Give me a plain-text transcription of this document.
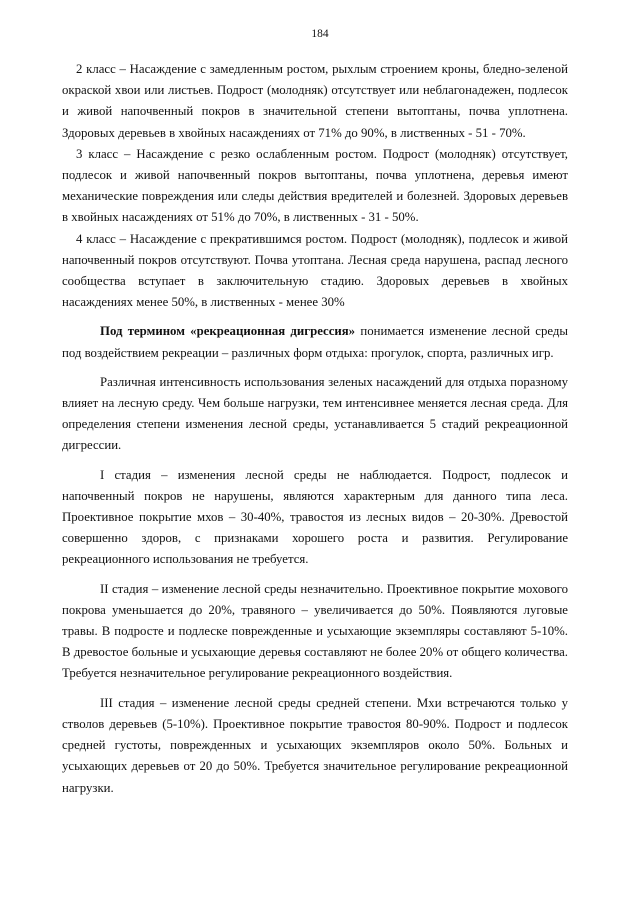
184

2 класс – Насаждение с замедленным ростом, рыхлым строением кроны, бледно-зеленой окраской хвои или листьев. Подрост (молодняк) отсутствует или неблагонадежен, подлесок и живой напочвенный покров в значительной степени вытоптаны, почва уплотнена. Здоровых деревьев в хвойных насаждениях от 71% до 90%, в лиственных - 51 - 70%.

3 класс – Насаждение с резко ослабленным ростом. Подрост (молодняк) отсутствует, подлесок и живой напочвенный покров вытоптаны, почва уплотнена, деревья имеют механические повреждения или следы действия вредителей и болезней. Здоровых деревьев в хвойных насаждениях от 51% до 70%, в лиственных - 31 - 50%.

4 класс – Насаждение с прекратившимся ростом. Подрост (молодняк), подлесок и живой напочвенный покров отсутствуют. Почва утоптана. Лесная среда нарушена, распад лесного сообщества вступает в заключительную стадию. Здоровых деревьев в хвойных насаждениях менее 50%, в лиственных - менее 30%

Под термином «рекреационная дигрессия» понимается изменение лесной среды под воздействием рекреации – различных форм отдыха: прогулок, спорта, различных игр.

Различная интенсивность использования зеленых насаждений для отдыха поразному влияет на лесную среду. Чем больше нагрузки, тем интенсивнее меняется лесная среда. Для определения степени изменения лесной среды, устанавливается 5 стадий рекреационной дигрессии.

I стадия – изменения лесной среды не наблюдается. Подрост, подлесок и напочвенный покров не нарушены, являются характерным для данного типа леса. Проективное покрытие мхов – 30-40%, травостоя из лесных видов – 20-30%. Древостой совершенно здоров, с признаками хорошего роста и развития. Регулирование рекреационного использования не требуется.

II стадия – изменение лесной среды незначительно. Проективное покрытие мохового покрова уменьшается до 20%, травяного – увеличивается до 50%. Появляются луговые травы. В подросте и подлеске поврежденные и усыхающие экземпляры составляют 5-10%. В древостое больные и усыхающие деревья составляют не более 20% от общего количества. Требуется незначительное регулирование рекреационного воздействия.

III стадия – изменение лесной среды средней степени. Мхи встречаются только у стволов деревьев (5-10%). Проективное покрытие травостоя 80-90%. Подрост и подлесок средней густоты, поврежденных и усыхающих экземпляров около 50%. Больных и усыхающих деревьев от 20 до 50%. Требуется значительное регулирование рекреационной нагрузки.
